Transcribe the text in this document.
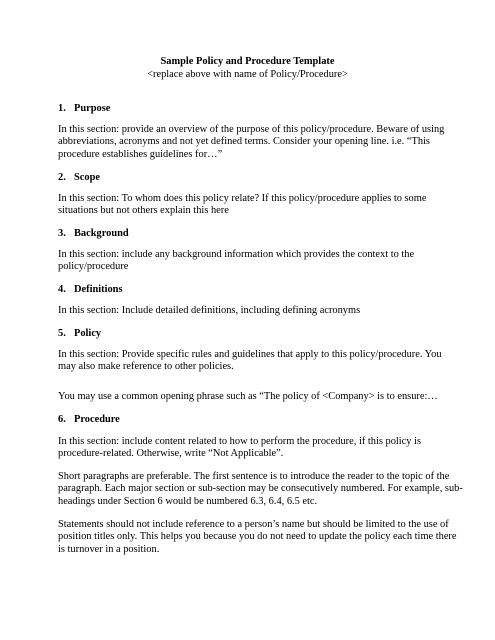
Sample Policy and Procedure Template
<replace above with name of Policy/Procedure>
1. Purpose
In this section: provide an overview of the purpose of this policy/procedure. Beware of using
abbreviations, acronyms and not yet defined terms. Consider your opening line. i.e. “This
procedure establishes guidelines for…”
2. Scope
In this section: To whom does this policy relate? If this policy/procedure applies to some
situations but not others explain this here
3. Background
In this section: include any background information which provides the context to the
policy/procedure
4. Definitions
In this section: Include detailed definitions, including defining acronyms
5. Policy
In this section: Provide specific rules and guidelines that apply to this policy/procedure. You
may also make reference to other policies.
You may use a common opening phrase such as “The policy of <Company> is to ensure:…
6. Procedure
In this section: include content related to how to perform the procedure, if this policy is
procedure-related. Otherwise, write “Not Applicable”.
Short paragraphs are preferable. The first sentence is to introduce the reader to the topic of the
paragraph. Each major section or sub-section may be consecutively numbered. For example, sub-
headings under Section 6 would be numbered 6.3, 6.4, 6.5 etc.
Statements should not include reference to a person’s name but should be limited to the use of
position titles only. This helps you because you do not need to update the policy each time there
is turnover in a position.
